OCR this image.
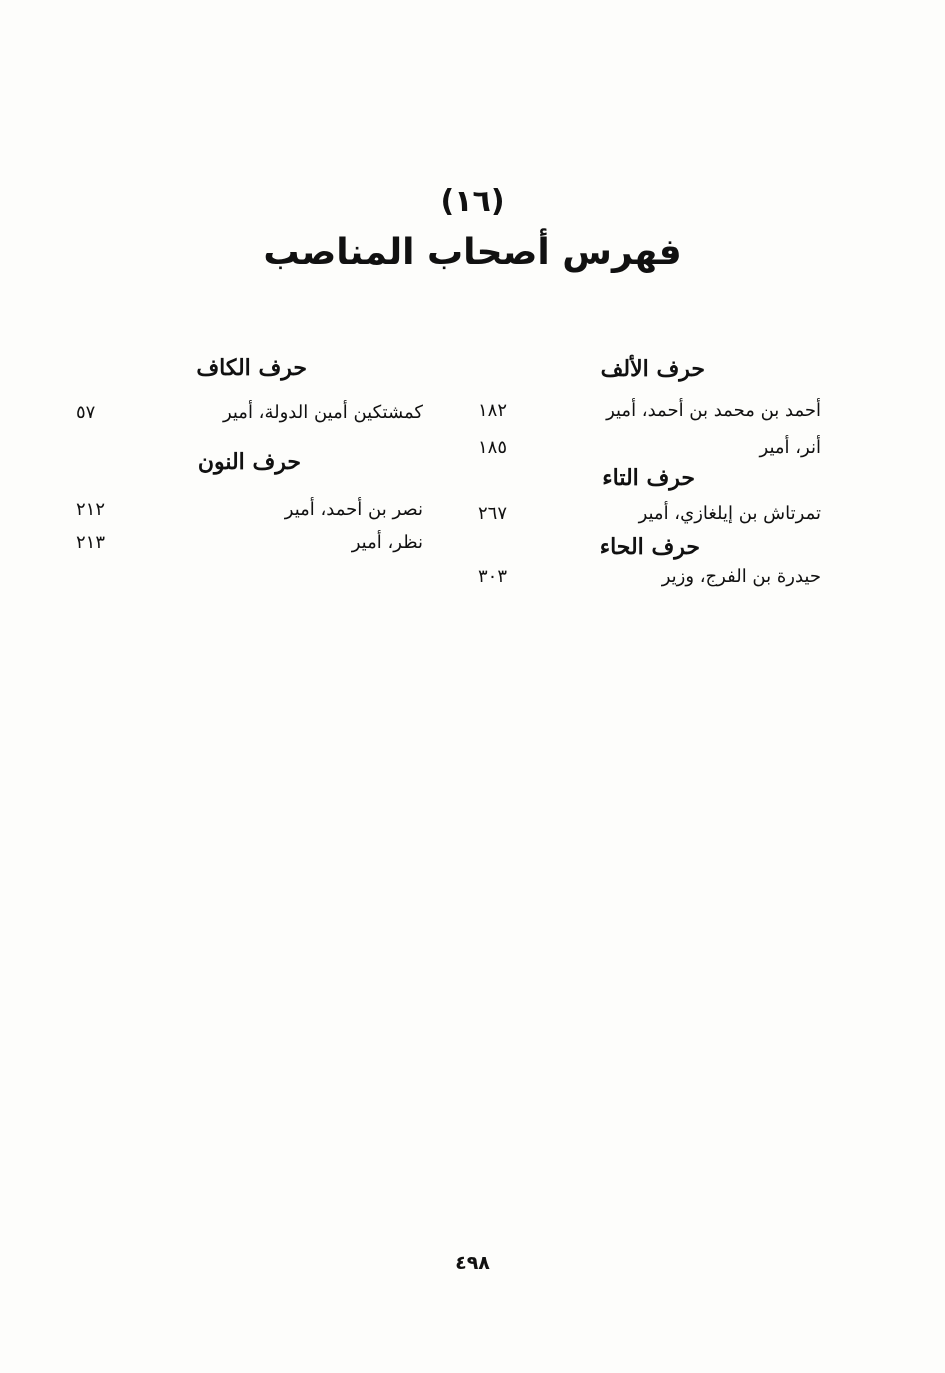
(١٦)
فهرس أصحاب المناصب
حرف الألف
أحمد بن محمد بن أحمد، أمير
١٨٢
أنر، أمير
١٨٥
حرف التاء
تمرتاش بن إيلغازي، أمير
٢٦٧
حرف الحاء
حيدرة بن الفرج، وزير
٣٠٣
حرف الكاف
كمشتكين أمين الدولة، أمير
٥٧
حرف النون
نصر بن أحمد، أمير
٢١٢
نظر، أمير
٢١٣
٤٩٨
